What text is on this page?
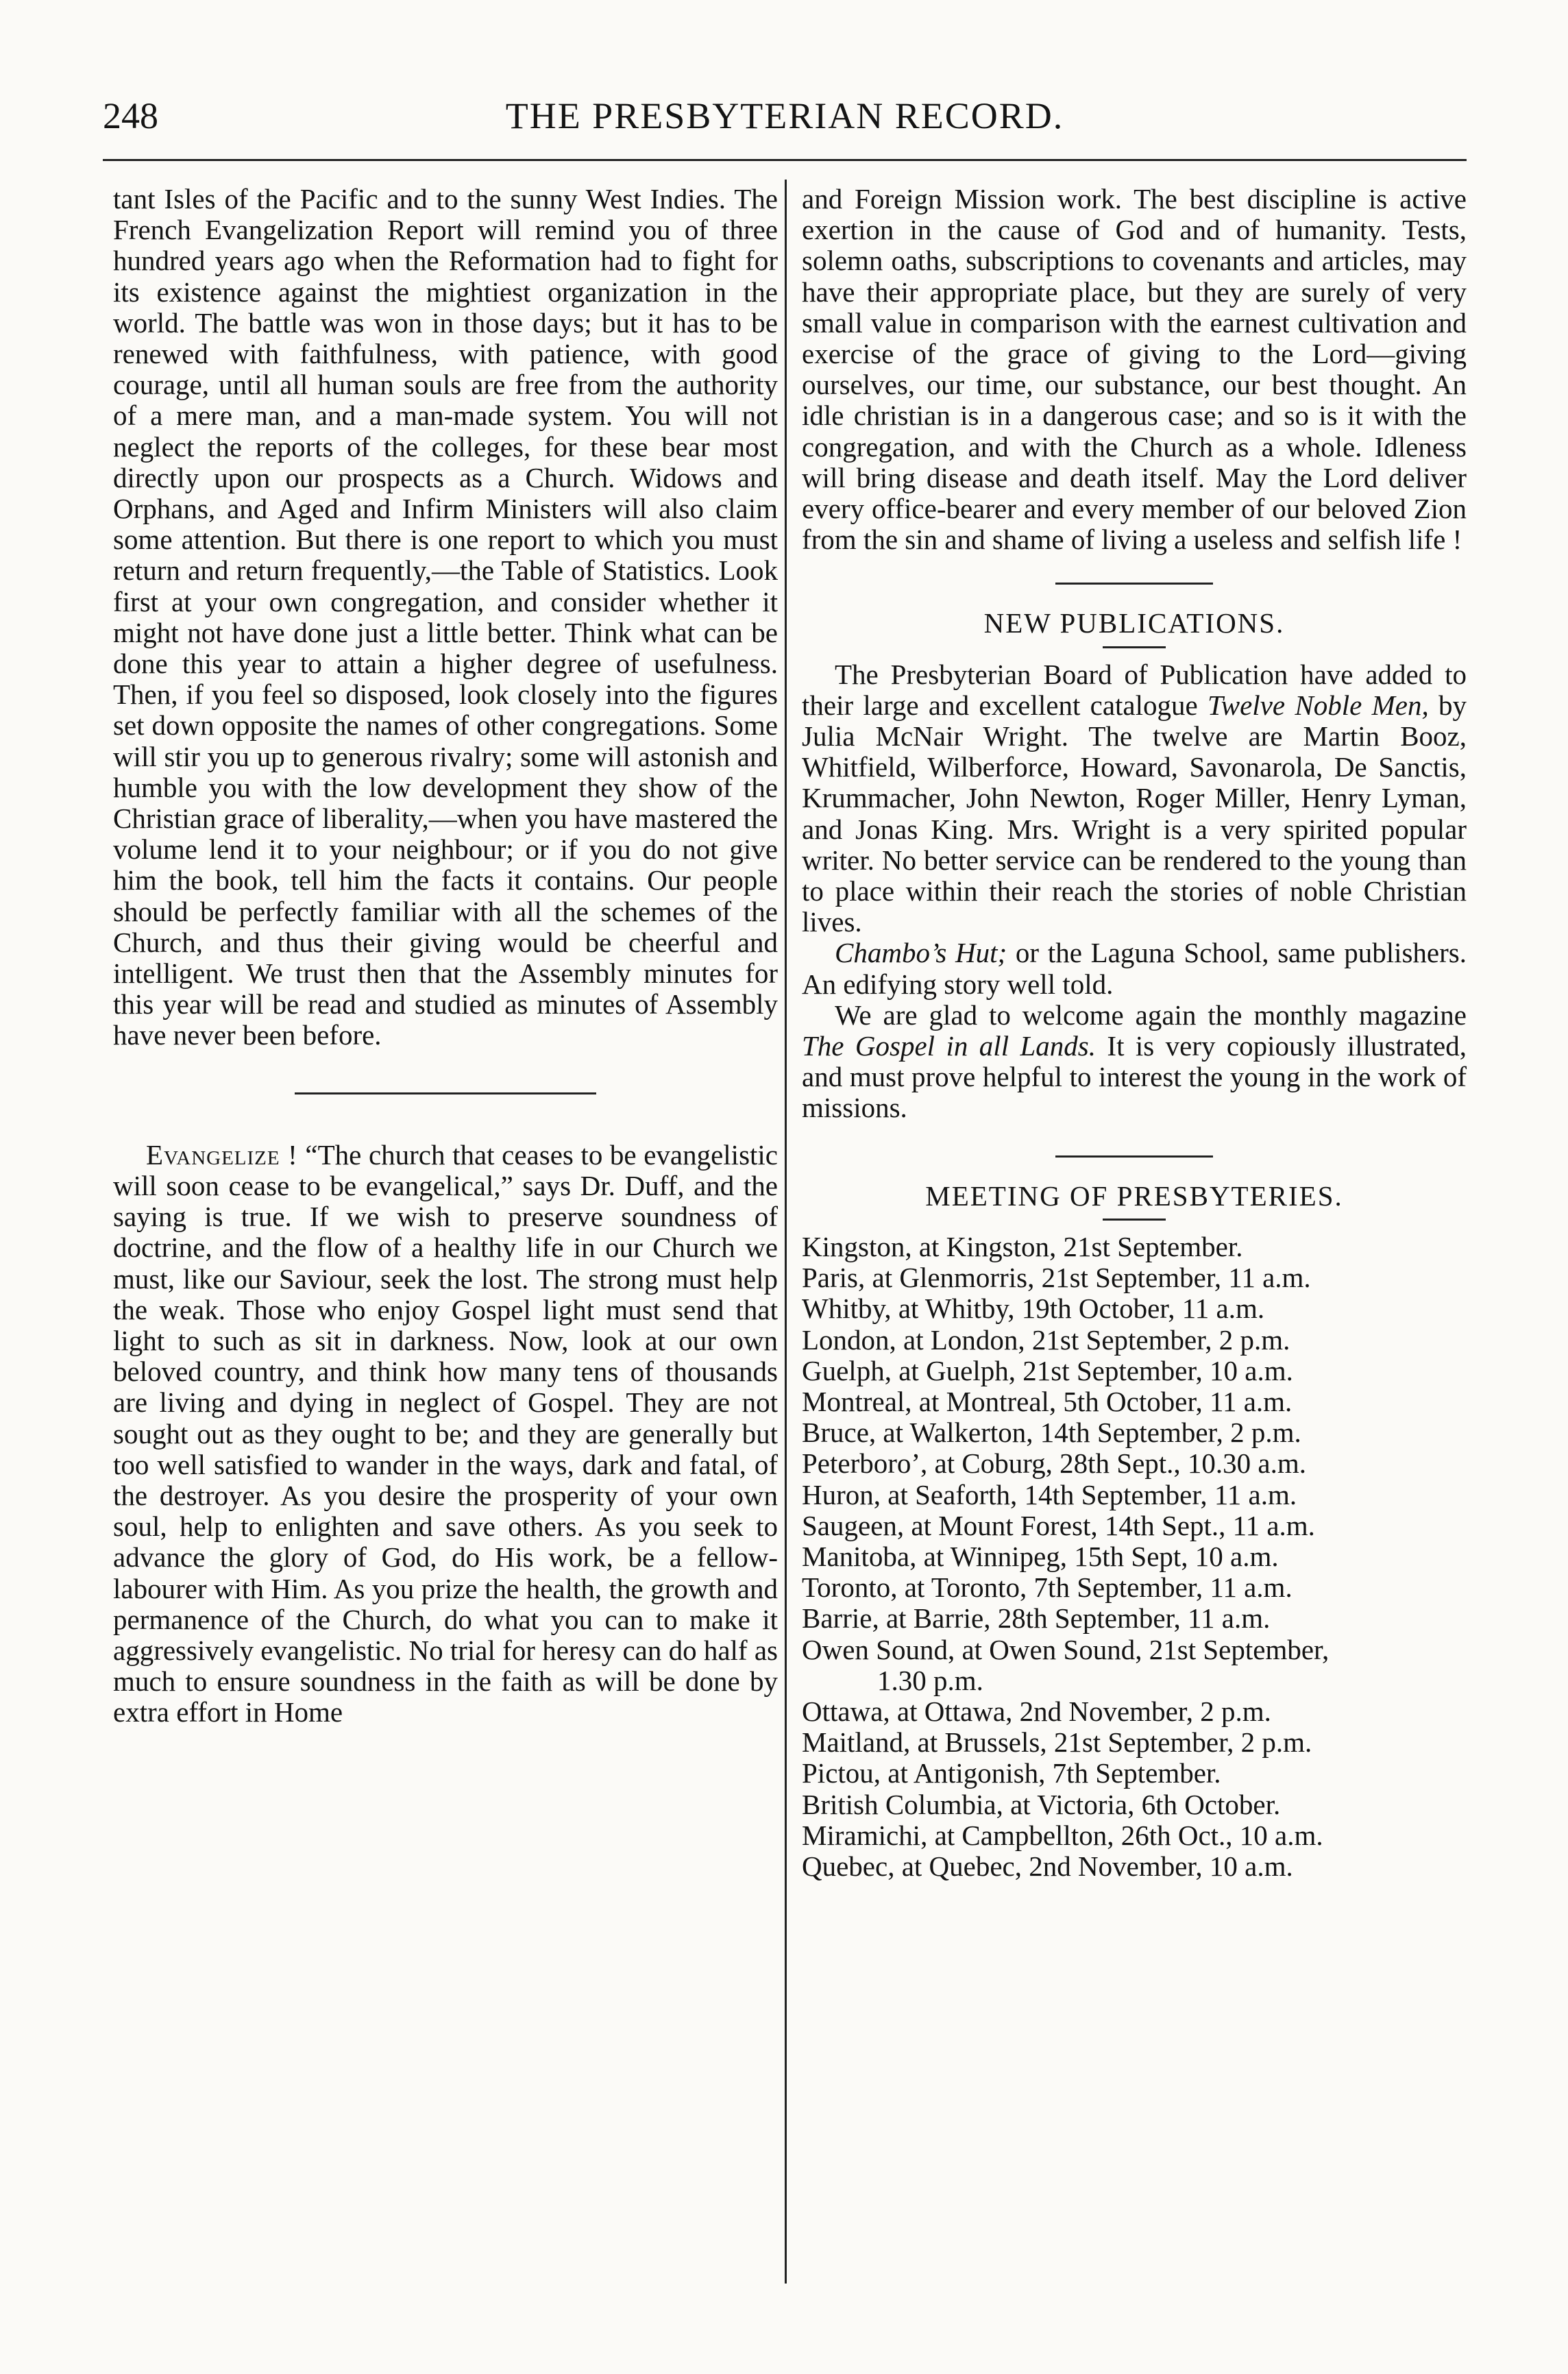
248	THE PRESBYTERIAN RECORD.

tant Isles of the Pacific and to the sunny West Indies. The French Evangelization Report will remind you of three hundred years ago when the Reformation had to fight for its existence against the mightiest organization in the world. The battle was won in those days; but it has to be renewed with faithfulness, with patience, with good courage, until all human souls are free from the authority of a mere man, and a man-made system. You will not neglect the reports of the colleges, for these bear most directly upon our prospects as a Church. Widows and Orphans, and Aged and Infirm Ministers will also claim some attention. But there is one report to which you must return and return frequently,—the Table of Statistics. Look first at your own congregation, and consider whether it might not have done just a little better. Think what can be done this year to attain a higher degree of usefulness. Then, if you feel so disposed, look closely into the figures set down opposite the names of other congregations. Some will stir you up to generous rivalry; some will astonish and humble you with the low development they show of the Christian grace of liberality,—when you have mastered the volume lend it to your neighbour; or if you do not give him the book, tell him the facts it contains. Our people should be perfectly familiar with all the schemes of the Church, and thus their giving would be cheerful and intelligent. We trust then that the Assembly minutes for this year will be read and studied as minutes of Assembly have never been before.

Evangelize ! “The church that ceases to be evangelistic will soon cease to be evangelical,” says Dr. Duff, and the saying is true. If we wish to preserve soundness of doctrine, and the flow of a healthy life in our Church we must, like our Saviour, seek the lost. The strong must help the weak. Those who enjoy Gospel light must send that light to such as sit in darkness. Now, look at our own beloved country, and think how many tens of thousands are living and dying in neglect of Gospel. They are not sought out as they ought to be; and they are generally but too well satisfied to wander in the ways, dark and fatal, of the destroyer. As you desire the prosperity of your own soul, help to enlighten and save others. As you seek to advance the glory of God, do His work, be a fellow-labourer with Him. As you prize the health, the growth and permanence of the Church, do what you can to make it aggressively evangelistic. No trial for heresy can do half as much to ensure soundness in the faith as will be done by extra effort in Home

and Foreign Mission work. The best discipline is active exertion in the cause of God and of humanity. Tests, solemn oaths, subscriptions to covenants and articles, may have their appropriate place, but they are surely of very small value in comparison with the earnest cultivation and exercise of the grace of giving to the Lord—giving ourselves, our time, our substance, our best thought. An idle christian is in a dangerous case; and so is it with the congregation, and with the Church as a whole. Idleness will bring disease and death itself. May the Lord deliver every office-bearer and every member of our beloved Zion from the sin and shame of living a useless and selfish life !

NEW PUBLICATIONS.

The Presbyterian Board of Publication have added to their large and excellent catalogue Twelve Noble Men, by Julia McNair Wright. The twelve are Martin Booz, Whitfield, Wilberforce, Howard, Savonarola, De Sanctis, Krummacher, John Newton, Roger Miller, Henry Lyman, and Jonas King. Mrs. Wright is a very spirited popular writer. No better service can be rendered to the young than to place within their reach the stories of noble Christian lives.

Chambo’s Hut; or the Laguna School, same publishers. An edifying story well told.

We are glad to welcome again the monthly magazine The Gospel in all Lands. It is very copiously illustrated, and must prove helpful to interest the young in the work of missions.

MEETING OF PRESBYTERIES.
Kingston, at Kingston, 21st September.
Paris, at Glenmorris, 21st September, 11 a.m.
Whitby, at Whitby, 19th October, 11 a.m.
London, at London, 21st September, 2 p.m.
Guelph, at Guelph, 21st September, 10 a.m.
Montreal, at Montreal, 5th October, 11 a.m.
Bruce, at Walkerton, 14th September, 2 p.m.
Peterboro’, at Coburg, 28th Sept., 10.30 a.m.
Huron, at Seaforth, 14th September, 11 a.m.
Saugeen, at Mount Forest, 14th Sept., 11 a.m.
Manitoba, at Winnipeg, 15th Sept, 10 a.m.
Toronto, at Toronto, 7th September, 11 a.m.
Barrie, at Barrie, 28th September, 11 a.m.
Owen Sound, at Owen Sound, 21st September,
1.30 p.m.
Ottawa, at Ottawa, 2nd November, 2 p.m.
Maitland, at Brussels, 21st September, 2 p.m.
Pictou, at Antigonish, 7th September.
British Columbia, at Victoria, 6th October.
Miramichi, at Campbellton, 26th Oct., 10 a.m.
Quebec, at Quebec, 2nd November, 10 a.m.
